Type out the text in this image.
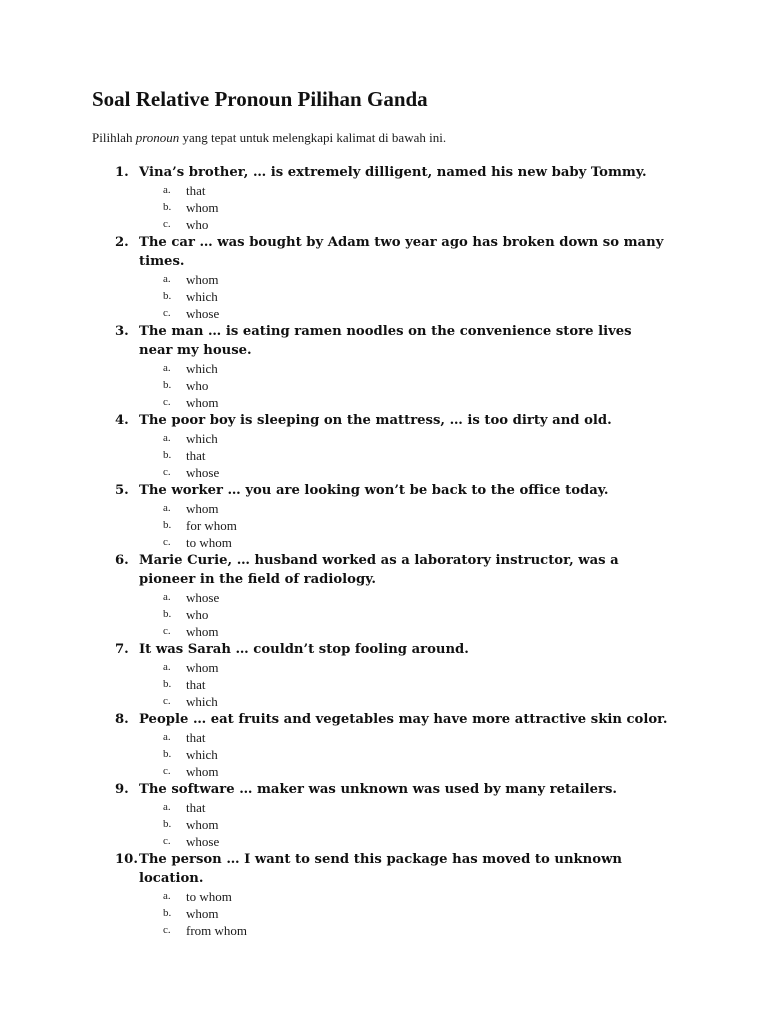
Soal Relative Pronoun Pilihan Ganda

Pilihlah pronoun yang tepat untuk melengkapi kalimat di bawah ini.

1. Vina’s brother, … is extremely dilligent, named his new baby Tommy.

a. that
b. whom
c. who
2. The car … was bought by Adam two year ago has broken down so many times.

a. whom
b. which
c. whose
3. The man … is eating ramen noodles on the convenience store lives near my house.

a. which
b. who
c. whom
4. The poor boy is sleeping on the mattress, … is too dirty and old.

a. which
b. that
c. whose
5. The worker … you are looking won’t be back to the office today.

a. whom
b. for whom
c. to whom
6. Marie Curie, … husband worked as a laboratory instructor, was a pioneer in the field of radiology.

a. whose
b. who
c. whom
7. It was Sarah … couldn’t stop fooling around.

a. whom
b. that
c. which
8. People … eat fruits and vegetables may have more attractive skin color.

a. that
b. which
c. whom
9. The software … maker was unknown was used by many retailers.

a. that
b. whom
c. whose
10. The person … I want to send this package has moved to unknown location.

a. to whom
b. whom
c. from whom
